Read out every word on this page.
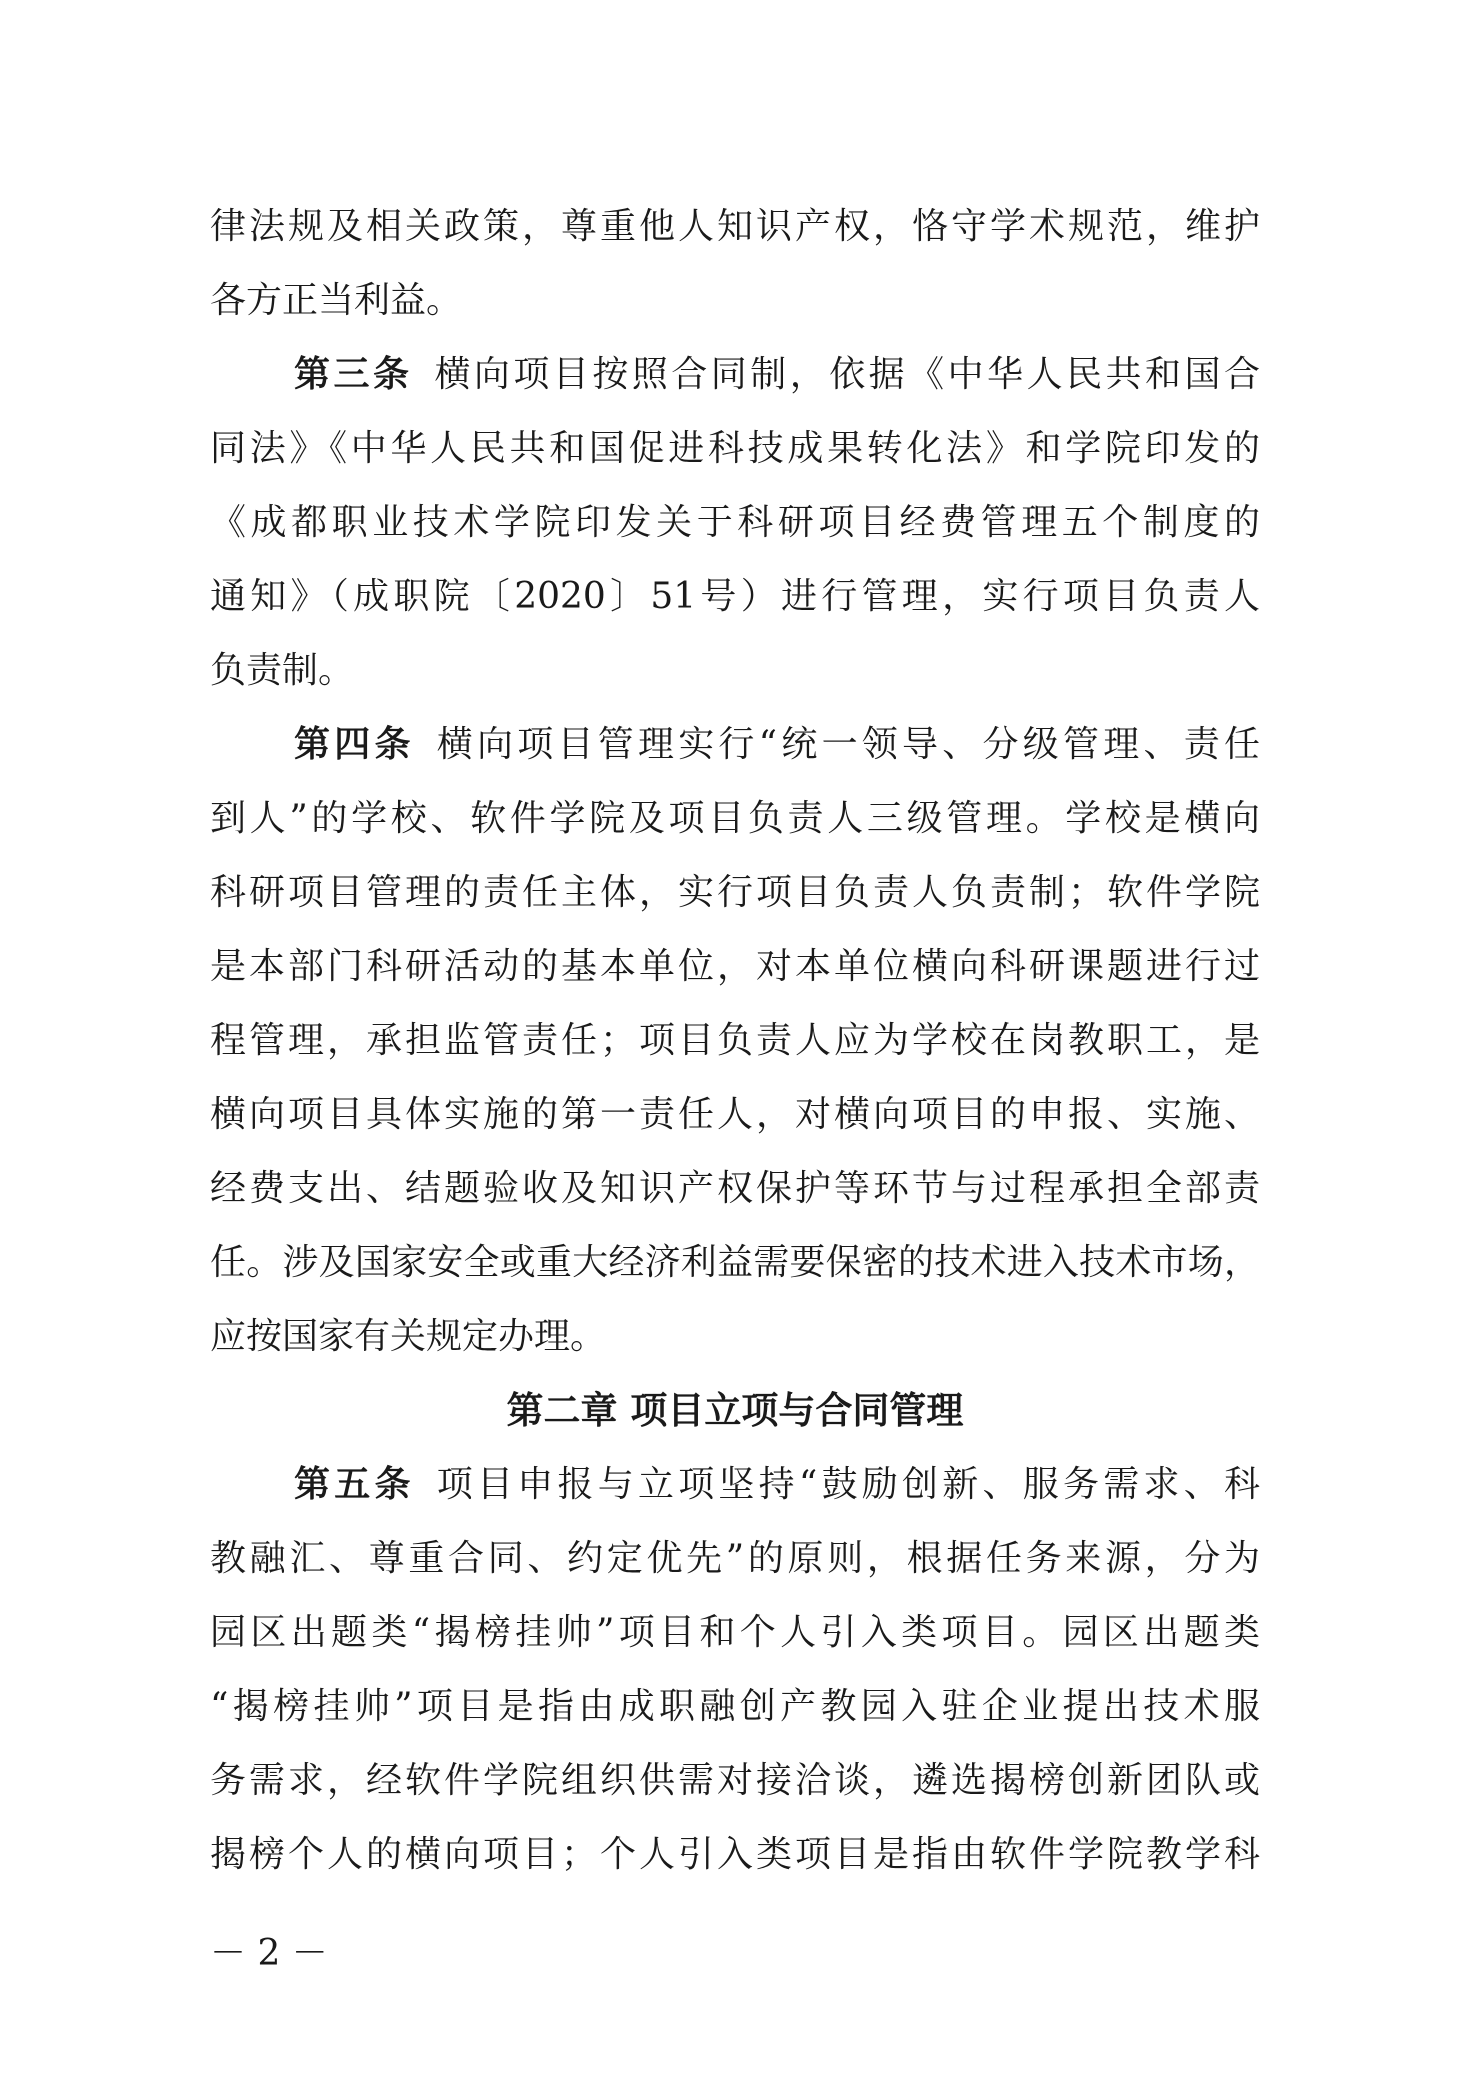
律法规及相关政策，尊重他人知识产权，恪守学术规范，维护
各方正当利益。
第三条 横向项目按照合同制，依据《中华人民共和国合
同法》《中华人民共和国促进科技成果转化法》和学院印发的
《成都职业技术学院印发关于科研项目经费管理五个制度的
通知》（成职院〔2020〕51号）进行管理，实行项目负责人
负责制。
第四条 横向项目管理实行“统一领导、分级管理、责任
到人”的学校、软件学院及项目负责人三级管理。学校是横向
科研项目管理的责任主体，实行项目负责人负责制；软件学院
是本部门科研活动的基本单位，对本单位横向科研课题进行过
程管理，承担监管责任；项目负责人应为学校在岗教职工，是
横向项目具体实施的第一责任人，对横向项目的申报、实施、
经费支出、结题验收及知识产权保护等环节与过程承担全部责
任。涉及国家安全或重大经济利益需要保密的技术进入技术市场，
应按国家有关规定办理。
第二章 项目立项与合同管理
第五条 项目申报与立项坚持“鼓励创新、服务需求、科
教融汇、尊重合同、约定优先”的原则，根据任务来源，分为
园区出题类“揭榜挂帅”项目和个人引入类项目。园区出题类
“揭榜挂帅”项目是指由成职融创产教园入驻企业提出技术服
务需求，经软件学院组织供需对接洽谈，遴选揭榜创新团队或
揭榜个人的横向项目；个人引入类项目是指由软件学院教学科
－ 2 －
